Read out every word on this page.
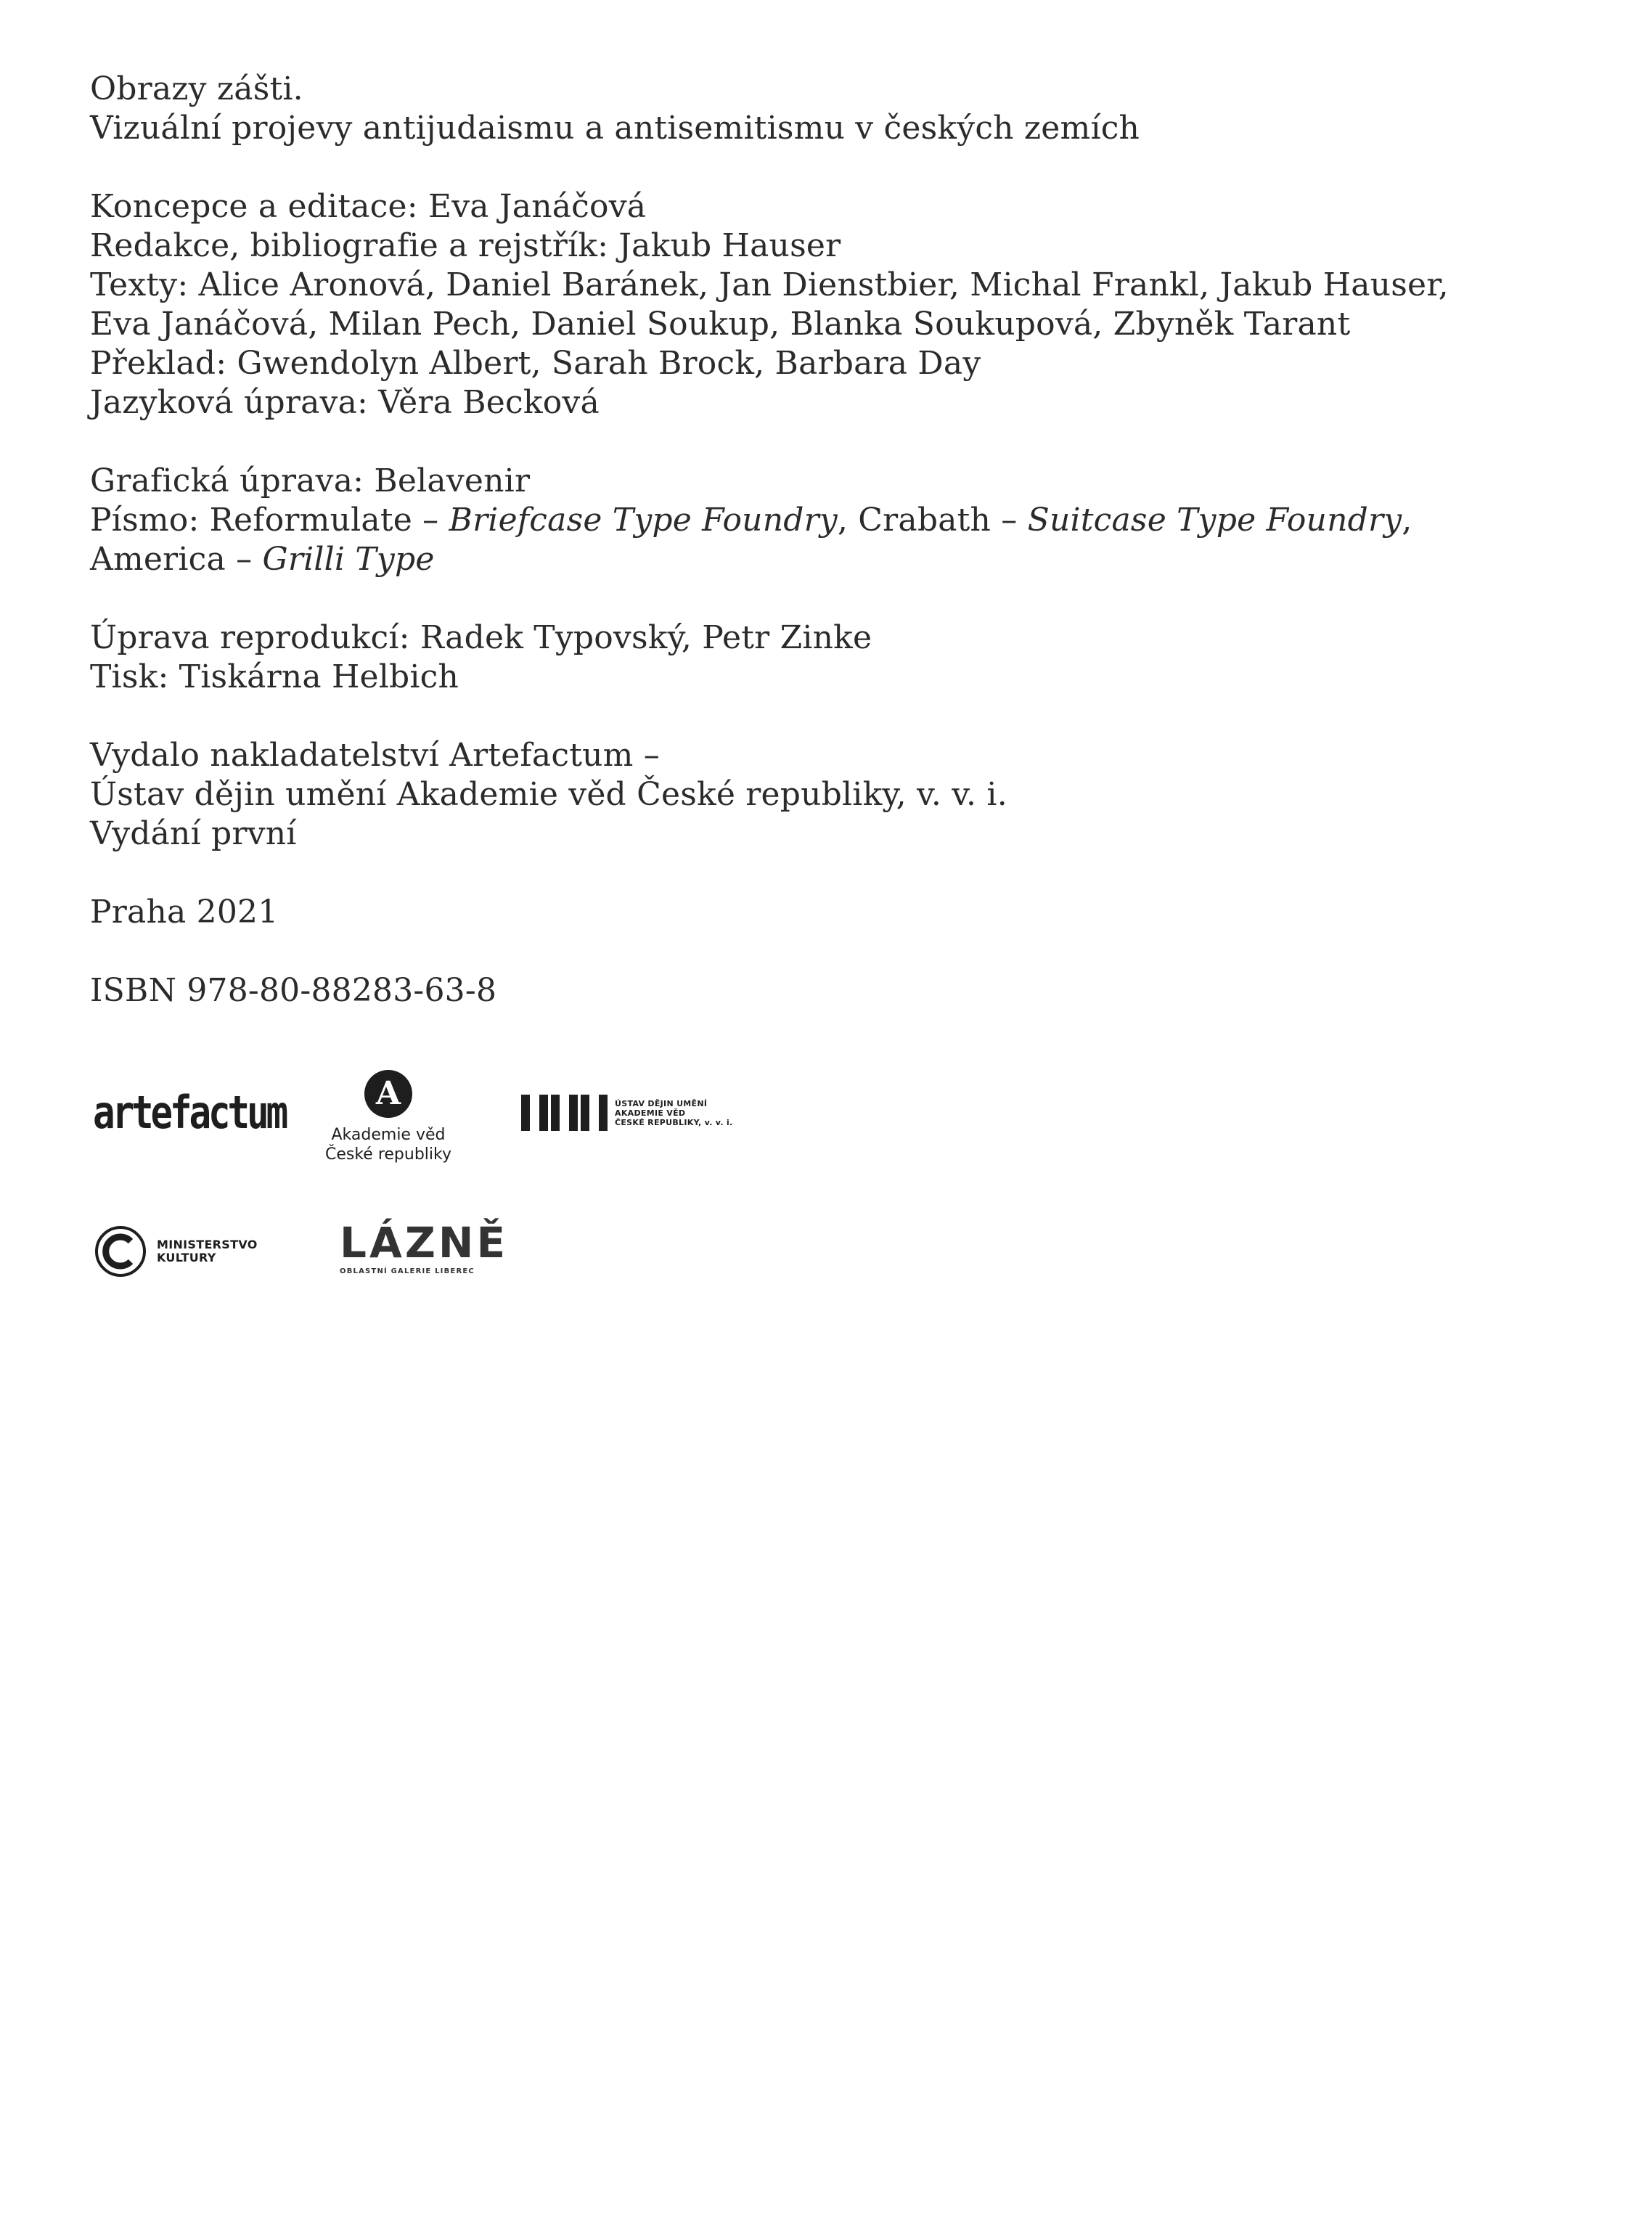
Obrazy zášti.
Vizuální projevy antijudaismu a antisemitismu v českých zemích
Koncepce a editace: Eva Janáčová
Redakce, bibliografie a rejstřík: Jakub Hauser
Texty: Alice Aronová, Daniel Baránek, Jan Dienstbier, Michal Frankl, Jakub Hauser,
Eva Janáčová, Milan Pech, Daniel Soukup, Blanka Soukupová, Zbyněk Tarant
Překlad: Gwendolyn Albert, Sarah Brock, Barbara Day
Jazyková úprava: Věra Becková
Grafická úprava: Belavenir
Písmo: Reformulate – Briefcase Type Foundry, Crabath – Suitcase Type Foundry,
America – Grilli Type
Úprava reprodukcí: Radek Typovský, Petr Zinke
Tisk: Tiskárna Helbich
Vydalo nakladatelství Artefactum –
Ústav dějin umění Akademie věd České republiky, v. v. i.
Vydání první
Praha 2021
ISBN 978-80-88283-63-8
artefactum	A
Akademie věd
České republiky
ÚSTAV DĚJIN UMĚNÍ
AKADEMIE VĚD
ČESKÉ REPUBLIKY, v. v. i.
MINISTERSTVO
KULTURY	LÁZNĚ
OBLASTNÍ GALERIE LIBEREC
